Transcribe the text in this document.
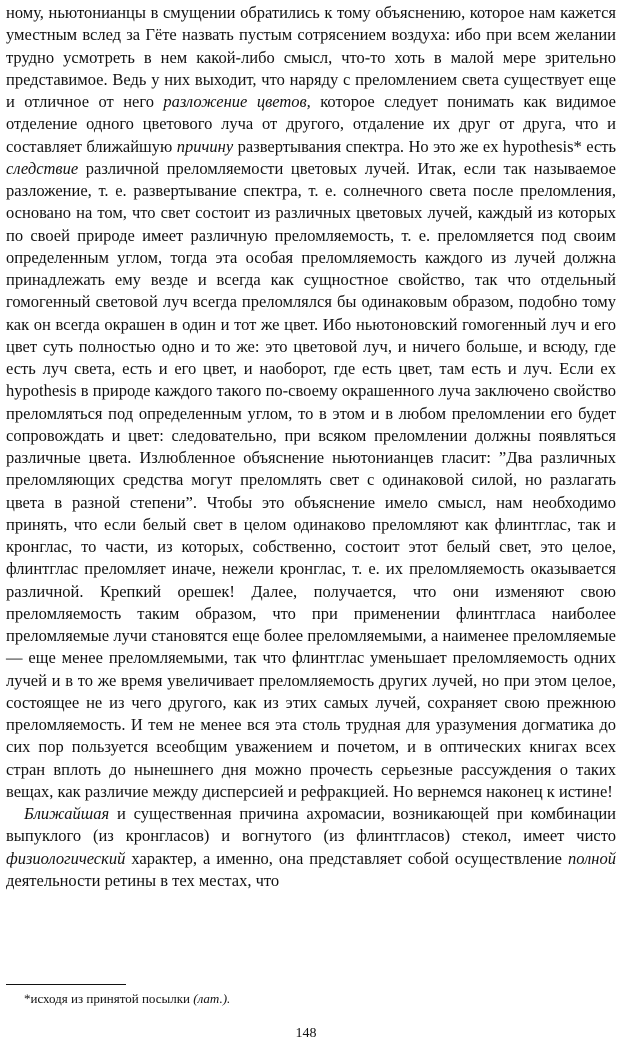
ному, ньютонианцы в смущении обратились к тому объяснению, которое нам кажется уместным вслед за Гёте назвать пустым сотрясением воздуха: ибо при всем желании трудно усмотреть в нем какой-либо смысл, что-то хоть в малой мере зрительно представимое. Ведь у них выходит, что наряду с преломлением света существует еще и отличное от него разложение цветов, которое следует понимать как видимое отделение одного цветового луча от другого, отдаление их друг от друга, что и составляет ближайшую причину развертывания спектра. Но это же ex hypothesis* есть следствие различной преломляемости цветовых лучей. Итак, если так называемое разложение, т. е. развертывание спектра, т. е. солнечного света после преломления, основано на том, что свет состоит из различных цветовых лучей, каждый из которых по своей природе имеет различную преломляемость, т. е. преломляется под своим определенным углом, тогда эта особая преломляемость каждого из лучей должна принадлежать ему везде и всегда как сущностное свойство, так что отдельный гомогенный световой луч всегда преломлялся бы одинаковым образом, подобно тому как он всегда окрашен в один и тот же цвет. Ибо ньютоновский гомогенный луч и его цвет суть полностью одно и то же: это цветовой луч, и ничего больше, и всюду, где есть луч света, есть и его цвет, и наоборот, где есть цвет, там есть и луч. Если ex hypothesis в природе каждого такого по-своему окрашенного луча заключено свойство преломляться под определенным углом, то в этом и в любом преломлении его будет сопровождать и цвет: следовательно, при всяком преломлении должны появляться различные цвета. Излюбленное объяснение ньютонианцев гласит: ”Два различных преломляющих средства могут преломлять свет с одинаковой силой, но разлагать цвета в разной степени”. Чтобы это объяснение имело смысл, нам необходимо принять, что если белый свет в целом одинаково преломляют как флинтглас, так и кронглас, то части, из которых, собственно, состоит этот белый свет, это целое, флинтглас преломляет иначе, нежели кронглас, т. е. их преломляемость оказывается различной. Крепкий орешек! Далее, получается, что они изменяют свою преломляемость таким образом, что при применении флинтгласа наиболее преломляемые лучи становятся еще более преломляемыми, а наименее преломляемые — еще менее преломляемыми, так что флинтглас уменьшает преломляемость одних лучей и в то же время увеличивает преломляемость других лучей, но при этом целое, состоящее не из чего другого, как из этих самых лучей, сохраняет свою прежнюю преломляемость. И тем не менее вся эта столь трудная для уразумения догматика до сих пор пользуется всеобщим уважением и почетом, и в оптических книгах всех стран вплоть до нынешнего дня можно прочесть серьезные рассуждения о таких вещах, как различие между дисперсией и рефракцией. Но вернемся наконец к истине!

Ближайшая и существенная причина ахромасии, возникающей при комбинации выпуклого (из кронгласов) и вогнутого (из флинтгласов) стекол, имеет чисто физиологический характер, а именно, она представляет собой осуществление полной деятельности ретины в тех местах, что

*исходя из принятой посылки (лат.).

148
